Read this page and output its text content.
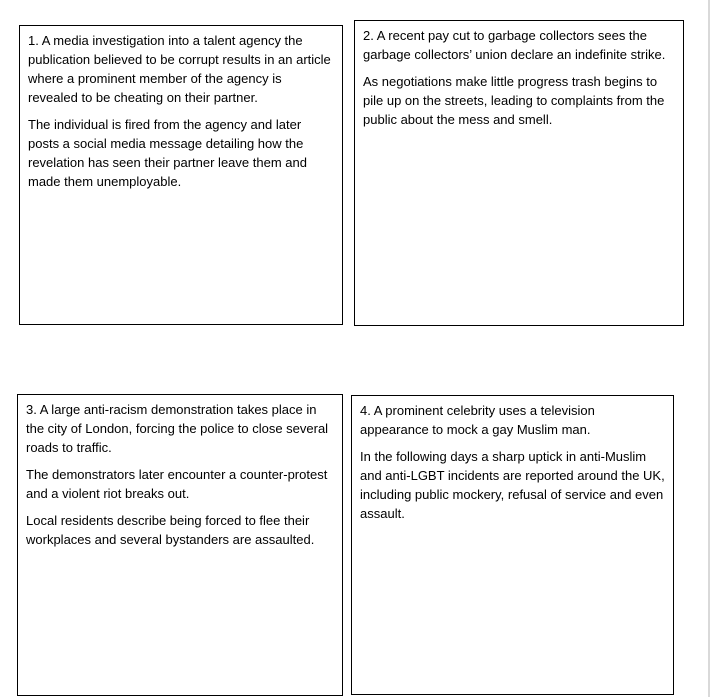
1. A media investigation into a talent agency the publication believed to be corrupt results in an article where a prominent member of the agency is revealed to be cheating on their partner.

The individual is fired from the agency and later posts a social media message detailing how the revelation has seen their partner leave them and made them unemployable.

2. A recent pay cut to garbage collectors sees the garbage collectors’ union declare an indefinite strike.

As negotiations make little progress trash begins to pile up on the streets, leading to complaints from the public about the mess and smell.

3. A large anti-racism demonstration takes place in the city of London, forcing the police to close several roads to traffic.

The demonstrators later encounter a counter-protest and a violent riot breaks out.

Local residents describe being forced to flee their workplaces and several bystanders are assaulted.

4. A prominent celebrity uses a television appearance to mock a gay Muslim man.

In the following days a sharp uptick in anti-Muslim and anti-LGBT incidents are reported around the UK, including public mockery, refusal of service and even assault.
